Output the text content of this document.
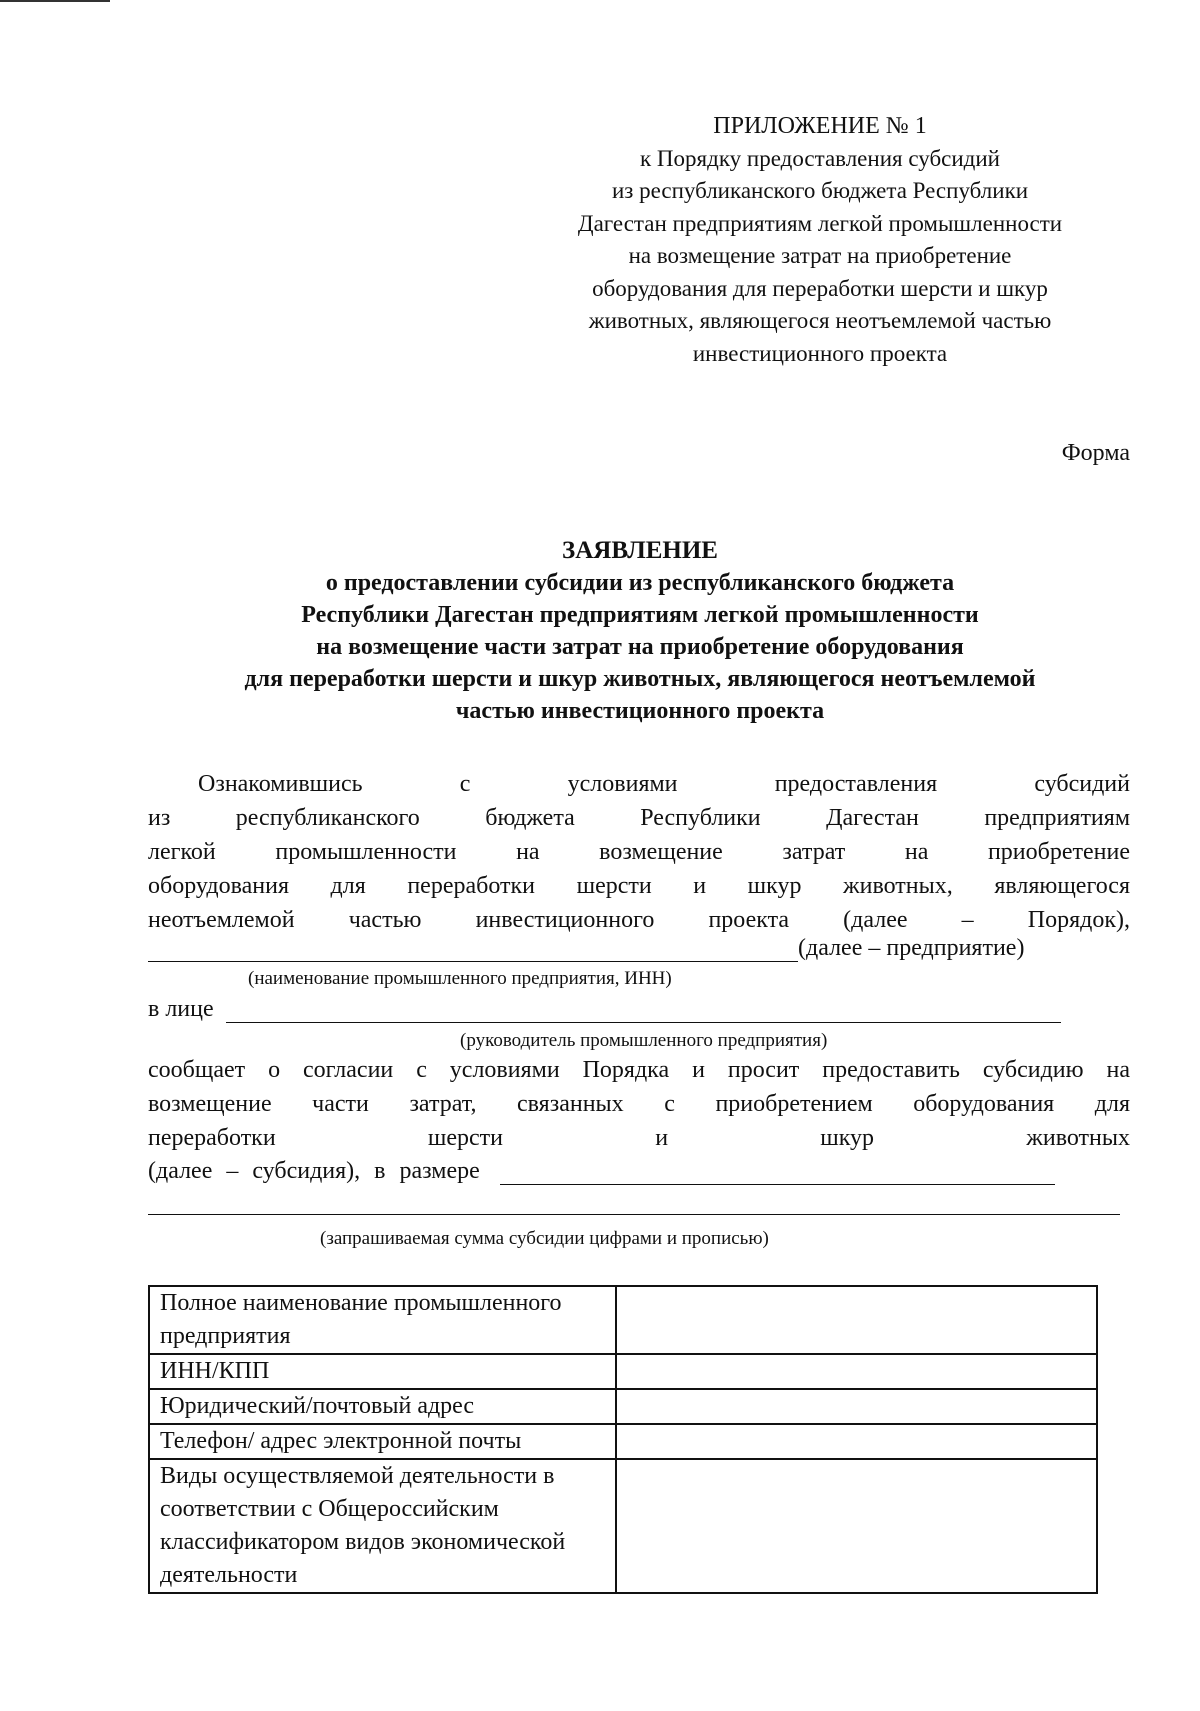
ПРИЛОЖЕНИЕ № 1
к Порядку предоставления субсидий
из республиканского бюджета Республики
Дагестан предприятиям легкой промышленности
на возмещение затрат на приобретение
оборудования для переработки шерсти и шкур
животных, являющегося неотъемлемой частью
инвестиционного проекта
Форма
ЗАЯВЛЕНИЕ
о предоставлении субсидии из республиканского бюджета
Республики Дагестан предприятиям легкой промышленности
на возмещение части затрат на приобретение оборудования
для переработки шерсти и шкур животных, являющегося неотъемлемой
частью инвестиционного проекта
Ознакомившись с условиями предоставления субсидий
из республиканского бюджета Республики Дагестан предприятиям
легкой промышленности на возмещение затрат на приобретение
оборудования для переработки шерсти и шкур животных, являющегося
неотъемлемой частью инвестиционного проекта (далее – Порядок),
(далее – предприятие)
(наименование промышленного предприятия, ИНН)
в лице
(руководитель промышленного предприятия)
сообщает о согласии с условиями Порядка и просит предоставить субсидию на
возмещение части затрат, связанных с приобретением оборудования для
переработки шерсти и шкур животных
(далее – субсидия), в размере
(запрашиваемая сумма субсидии цифрами и прописью)
Полное наименование промышленного предприятия	
ИНН/КПП	
Юридический/почтовый адрес	
Телефон/ адрес электронной почты	
Виды осуществляемой деятельности в соответствии с Общероссийским классификатором видов экономической деятельности	
